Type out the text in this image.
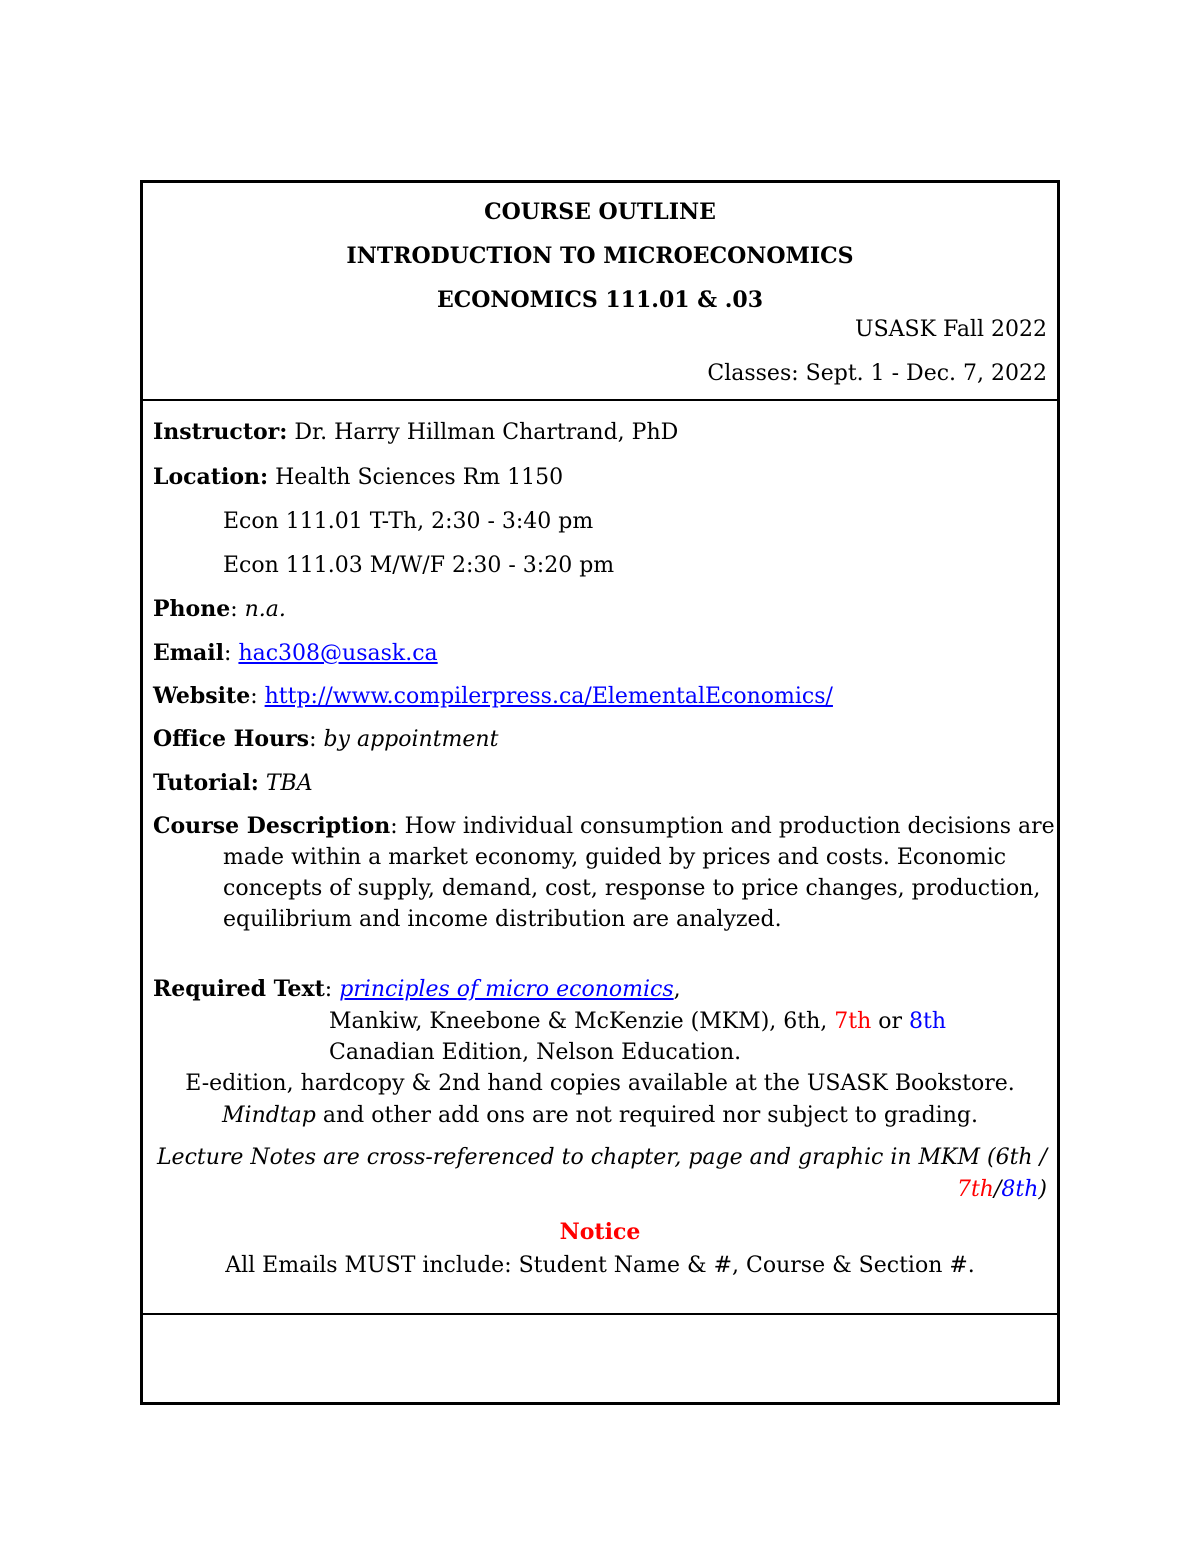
COURSE OUTLINE
INTRODUCTION TO MICROECONOMICS
ECONOMICS 111.01 & .03
USASK Fall 2022
Classes: Sept. 1 - Dec. 7, 2022
Instructor: Dr. Harry Hillman Chartrand, PhD
Location: Health Sciences Rm 1150
Econ 111.01 T-Th, 2:30 - 3:40 pm
Econ 111.03 M/W/F 2:30 - 3:20 pm
Phone: n.a.
Email: hac308@usask.ca
Website: http://www.compilerpress.ca/ElementalEconomics/
Office Hours: by appointment
Tutorial: TBA
Course Description: How individual consumption and production decisions are
made within a market economy, guided by prices and costs. Economic
concepts of supply, demand, cost, response to price changes, production,
equilibrium and income distribution are analyzed.
Required Text: principles of micro economics,
Mankiw, Kneebone & McKenzie (MKM), 6th, 7th or 8th
Canadian Edition, Nelson Education.
E-edition, hardcopy & 2nd hand copies available at the USASK Bookstore.
Mindtap and other add ons are not required nor subject to grading.
Lecture Notes are cross-referenced to chapter, page and graphic in MKM (6th /
7th/8th)
Notice
All Emails MUST include: Student Name & #, Course & Section #.
